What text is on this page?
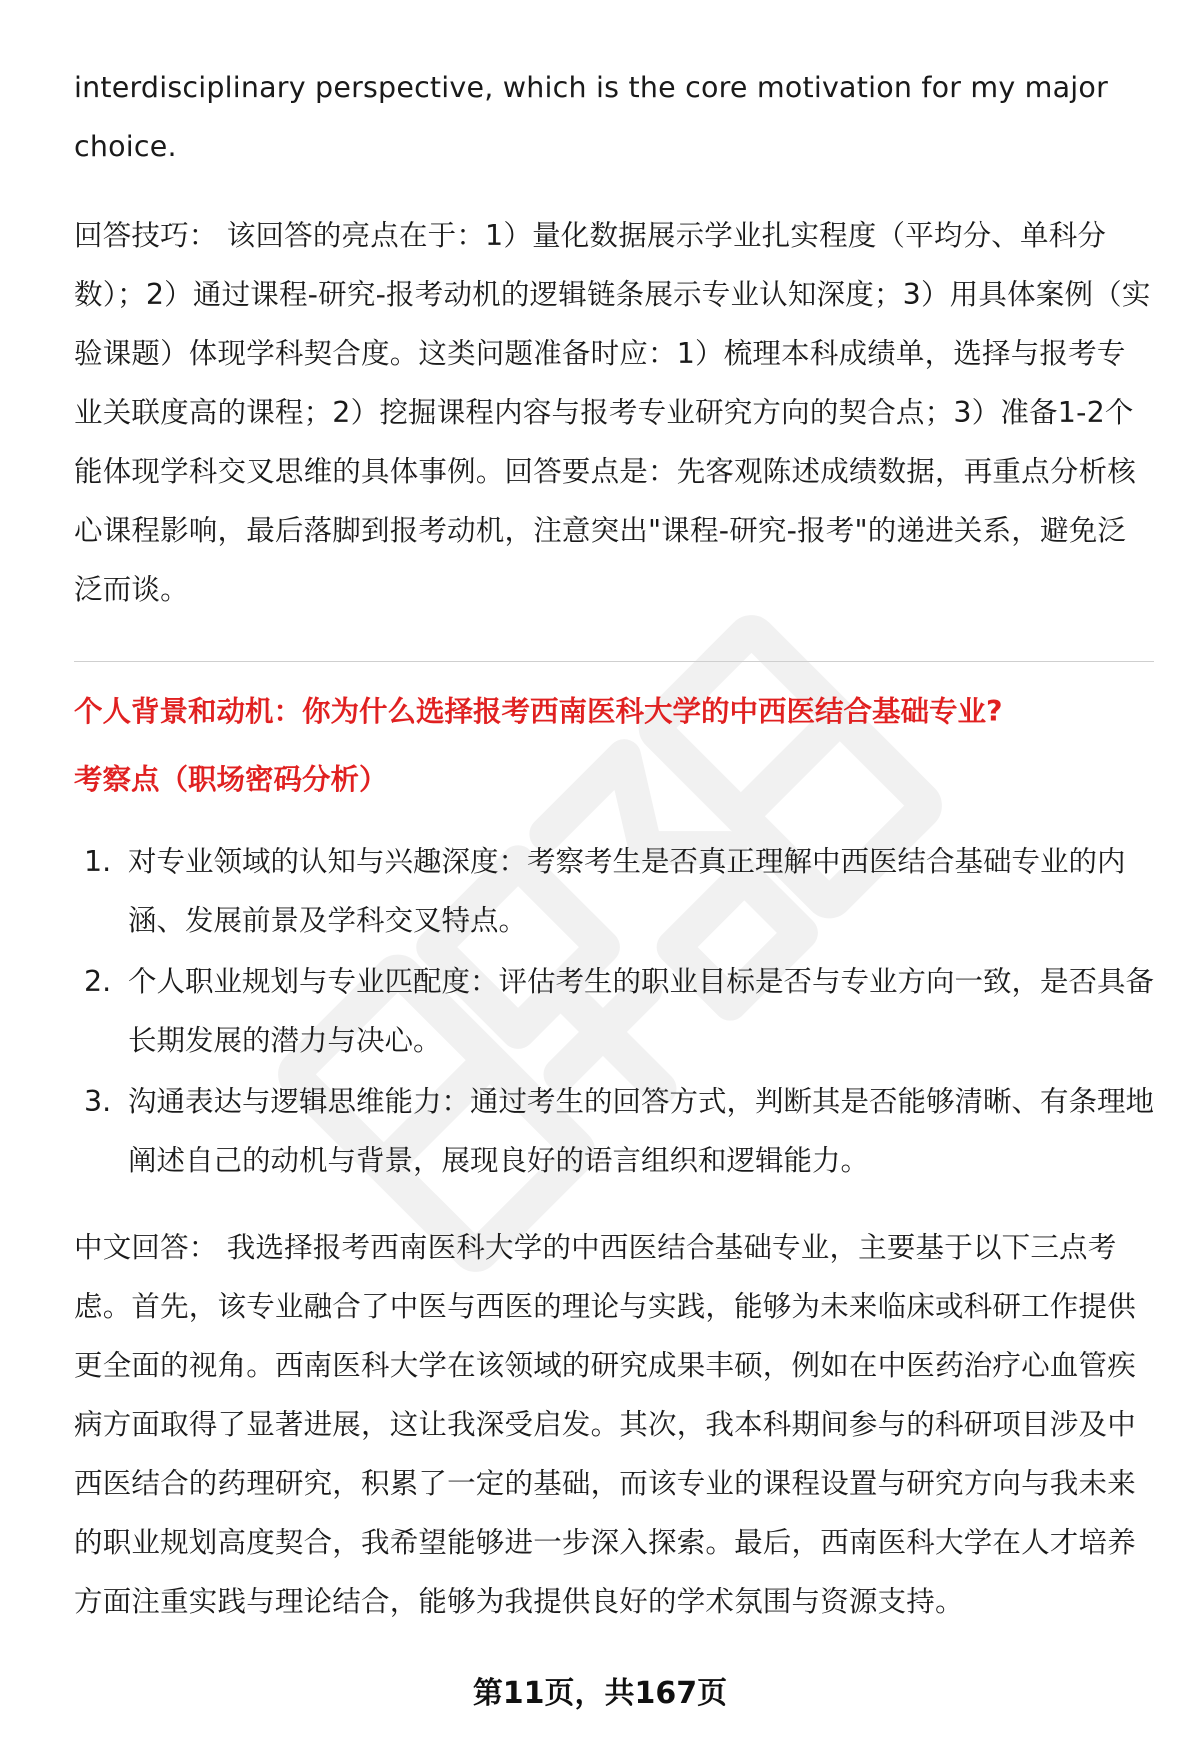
interdisciplinary perspective, which is the core motivation for my major choice.

回答技巧： 该回答的亮点在于：1）量化数据展示学业扎实程度（平均分、单科分数）；2）通过课程-研究-报考动机的逻辑链条展示专业认知深度；3）用具体案例（实验课题）体现学科契合度。这类问题准备时应：1）梳理本科成绩单，选择与报考专业关联度高的课程；2）挖掘课程内容与报考专业研究方向的契合点；3）准备1-2个能体现学科交叉思维的具体事例。回答要点是：先客观陈述成绩数据，再重点分析核心课程影响，最后落脚到报考动机，注意突出"课程-研究-报考"的递进关系，避免泛泛而谈。

个人背景和动机：你为什么选择报考西南医科大学的中西医结合基础专业?
考察点（职场密码分析）
1. 对专业领域的认知与兴趣深度：考察考生是否真正理解中西医结合基础专业的内涵、发展前景及学科交叉特点。
2. 个人职业规划与专业匹配度：评估考生的职业目标是否与专业方向一致，是否具备长期发展的潜力与决心。
3. 沟通表达与逻辑思维能力：通过考生的回答方式，判断其是否能够清晰、有条理地阐述自己的动机与背景，展现良好的语言组织和逻辑能力。

中文回答： 我选择报考西南医科大学的中西医结合基础专业，主要基于以下三点考虑。首先，该专业融合了中医与西医的理论与实践，能够为未来临床或科研工作提供更全面的视角。西南医科大学在该领域的研究成果丰硕，例如在中医药治疗心血管疾病方面取得了显著进展，这让我深受启发。其次，我本科期间参与的科研项目涉及中西医结合的药理研究，积累了一定的基础，而该专业的课程设置与研究方向与我未来的职业规划高度契合，我希望能够进一步深入探索。最后，西南医科大学在人才培养方面注重实践与理论结合，能够为我提供良好的学术氛围与资源支持。

第11页，共167页
